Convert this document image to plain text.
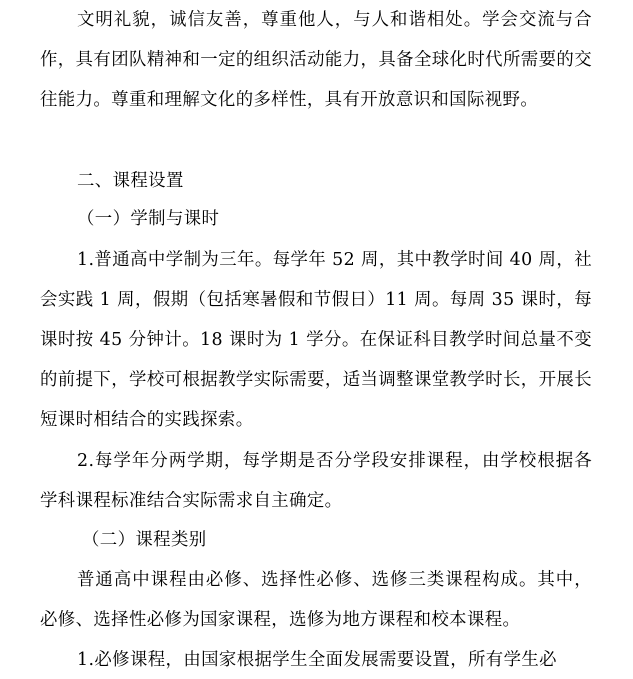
文明礼貌，诚信友善，尊重他人，与人和谐相处。学会交流与合作，具有团队精神和一定的组织活动能力，具备全球化时代所需要的交往能力。尊重和理解文化的多样性，具有开放意识和国际视野。

二、课程设置

（一）学制与课时

1.普通高中学制为三年。每学年 52 周，其中教学时间 40 周，社会实践 1 周，假期（包括寒暑假和节假日）11 周。每周 35 课时，每课时按 45 分钟计。18 课时为 1 学分。在保证科目教学时间总量不变的前提下，学校可根据教学实际需要，适当调整课堂教学时长，开展长短课时相结合的实践探索。

2.每学年分两学期，每学期是否分学段安排课程，由学校根据各学科课程标准结合实际需求自主确定。

（二）课程类别

普通高中课程由必修、选择性必修、选修三类课程构成。其中，必修、选择性必修为国家课程，选修为地方课程和校本课程。

1.必修课程，由国家根据学生全面发展需要设置，所有学生必
